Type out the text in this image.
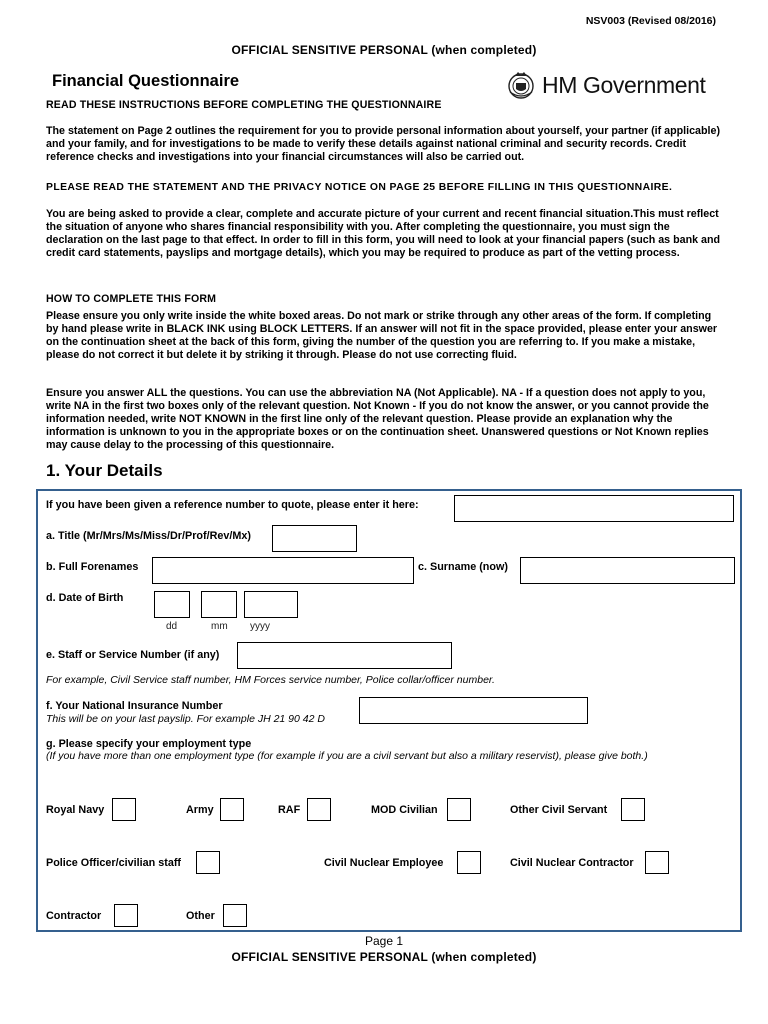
NSV003 (Revised 08/2016)
OFFICIAL SENSITIVE PERSONAL (when completed)
Financial Questionnaire	HM Government
READ THESE INSTRUCTIONS BEFORE COMPLETING THE QUESTIONNAIRE
The statement on Page 2 outlines the requirement for you to provide personal information about yourself, your partner (if applicable) and your family, and for investigations to be made to verify these details against national criminal and security records. Credit reference checks and investigations into your financial circumstances will also be carried out.
PLEASE READ THE STATEMENT AND THE PRIVACY NOTICE ON PAGE 25 BEFORE FILLING IN THIS QUESTIONNAIRE.
You are being asked to provide a clear, complete and accurate picture of your current and recent financial situation.This must reflect the situation of anyone who shares financial responsibility with you. After completing the questionnaire, you must sign the declaration on the last page to that effect. In order to fill in this form, you will need to look at your financial papers (such as bank and credit card statements, payslips and mortgage details), which you may be required to produce as part of the vetting process.
HOW TO COMPLETE THIS FORM
Please ensure you only write inside the white boxed areas. Do not mark or strike through any other areas of the form. If completing by hand please write in BLACK INK using BLOCK LETTERS. If an answer will not fit in the space provided, please enter your answer on the continuation sheet at the back of this form, giving the number of the question you are referring to. If you make a mistake, please do not correct it but delete it by striking it through. Please do not use correcting fluid.
Ensure you answer ALL the questions. You can use the abbreviation NA (Not Applicable). NA - If a question does not apply to you, write NA in the first two boxes only of the relevant question. Not Known - If you do not know the answer, or you cannot provide the information needed, write NOT KNOWN in the first line only of the relevant question. Please provide an explanation why the information is unknown to you in the appropriate boxes or on the continuation sheet. Unanswered questions or Not Known replies may cause delay to the processing of this questionnaire.
1. Your Details
If you have been given a reference number to quote, please enter it here:
a. Title (Mr/Mrs/Ms/Miss/Dr/Prof/Rev/Mx)
b. Full Forenames	c. Surname (now)
d. Date of Birth
dd	mm yyyy
e. Staff or Service Number (if any)
For example, Civil Service staff number, HM Forces service number, Police collar/officer number.
f. Your National Insurance Number
This will be on your last payslip. For example JH 21 90 42 D
g. Please specify your employment type
(If you have more than one employment type (for example if you are a civil servant but also a military reservist), please give both.)
Royal Navy	Army	RAF	MOD Civilian	Other Civil Servant
Police Officer/civilian staff	Civil Nuclear Employee	Civil Nuclear Contractor
Contractor	Other
Page 1
OFFICIAL SENSITIVE PERSONAL (when completed)
